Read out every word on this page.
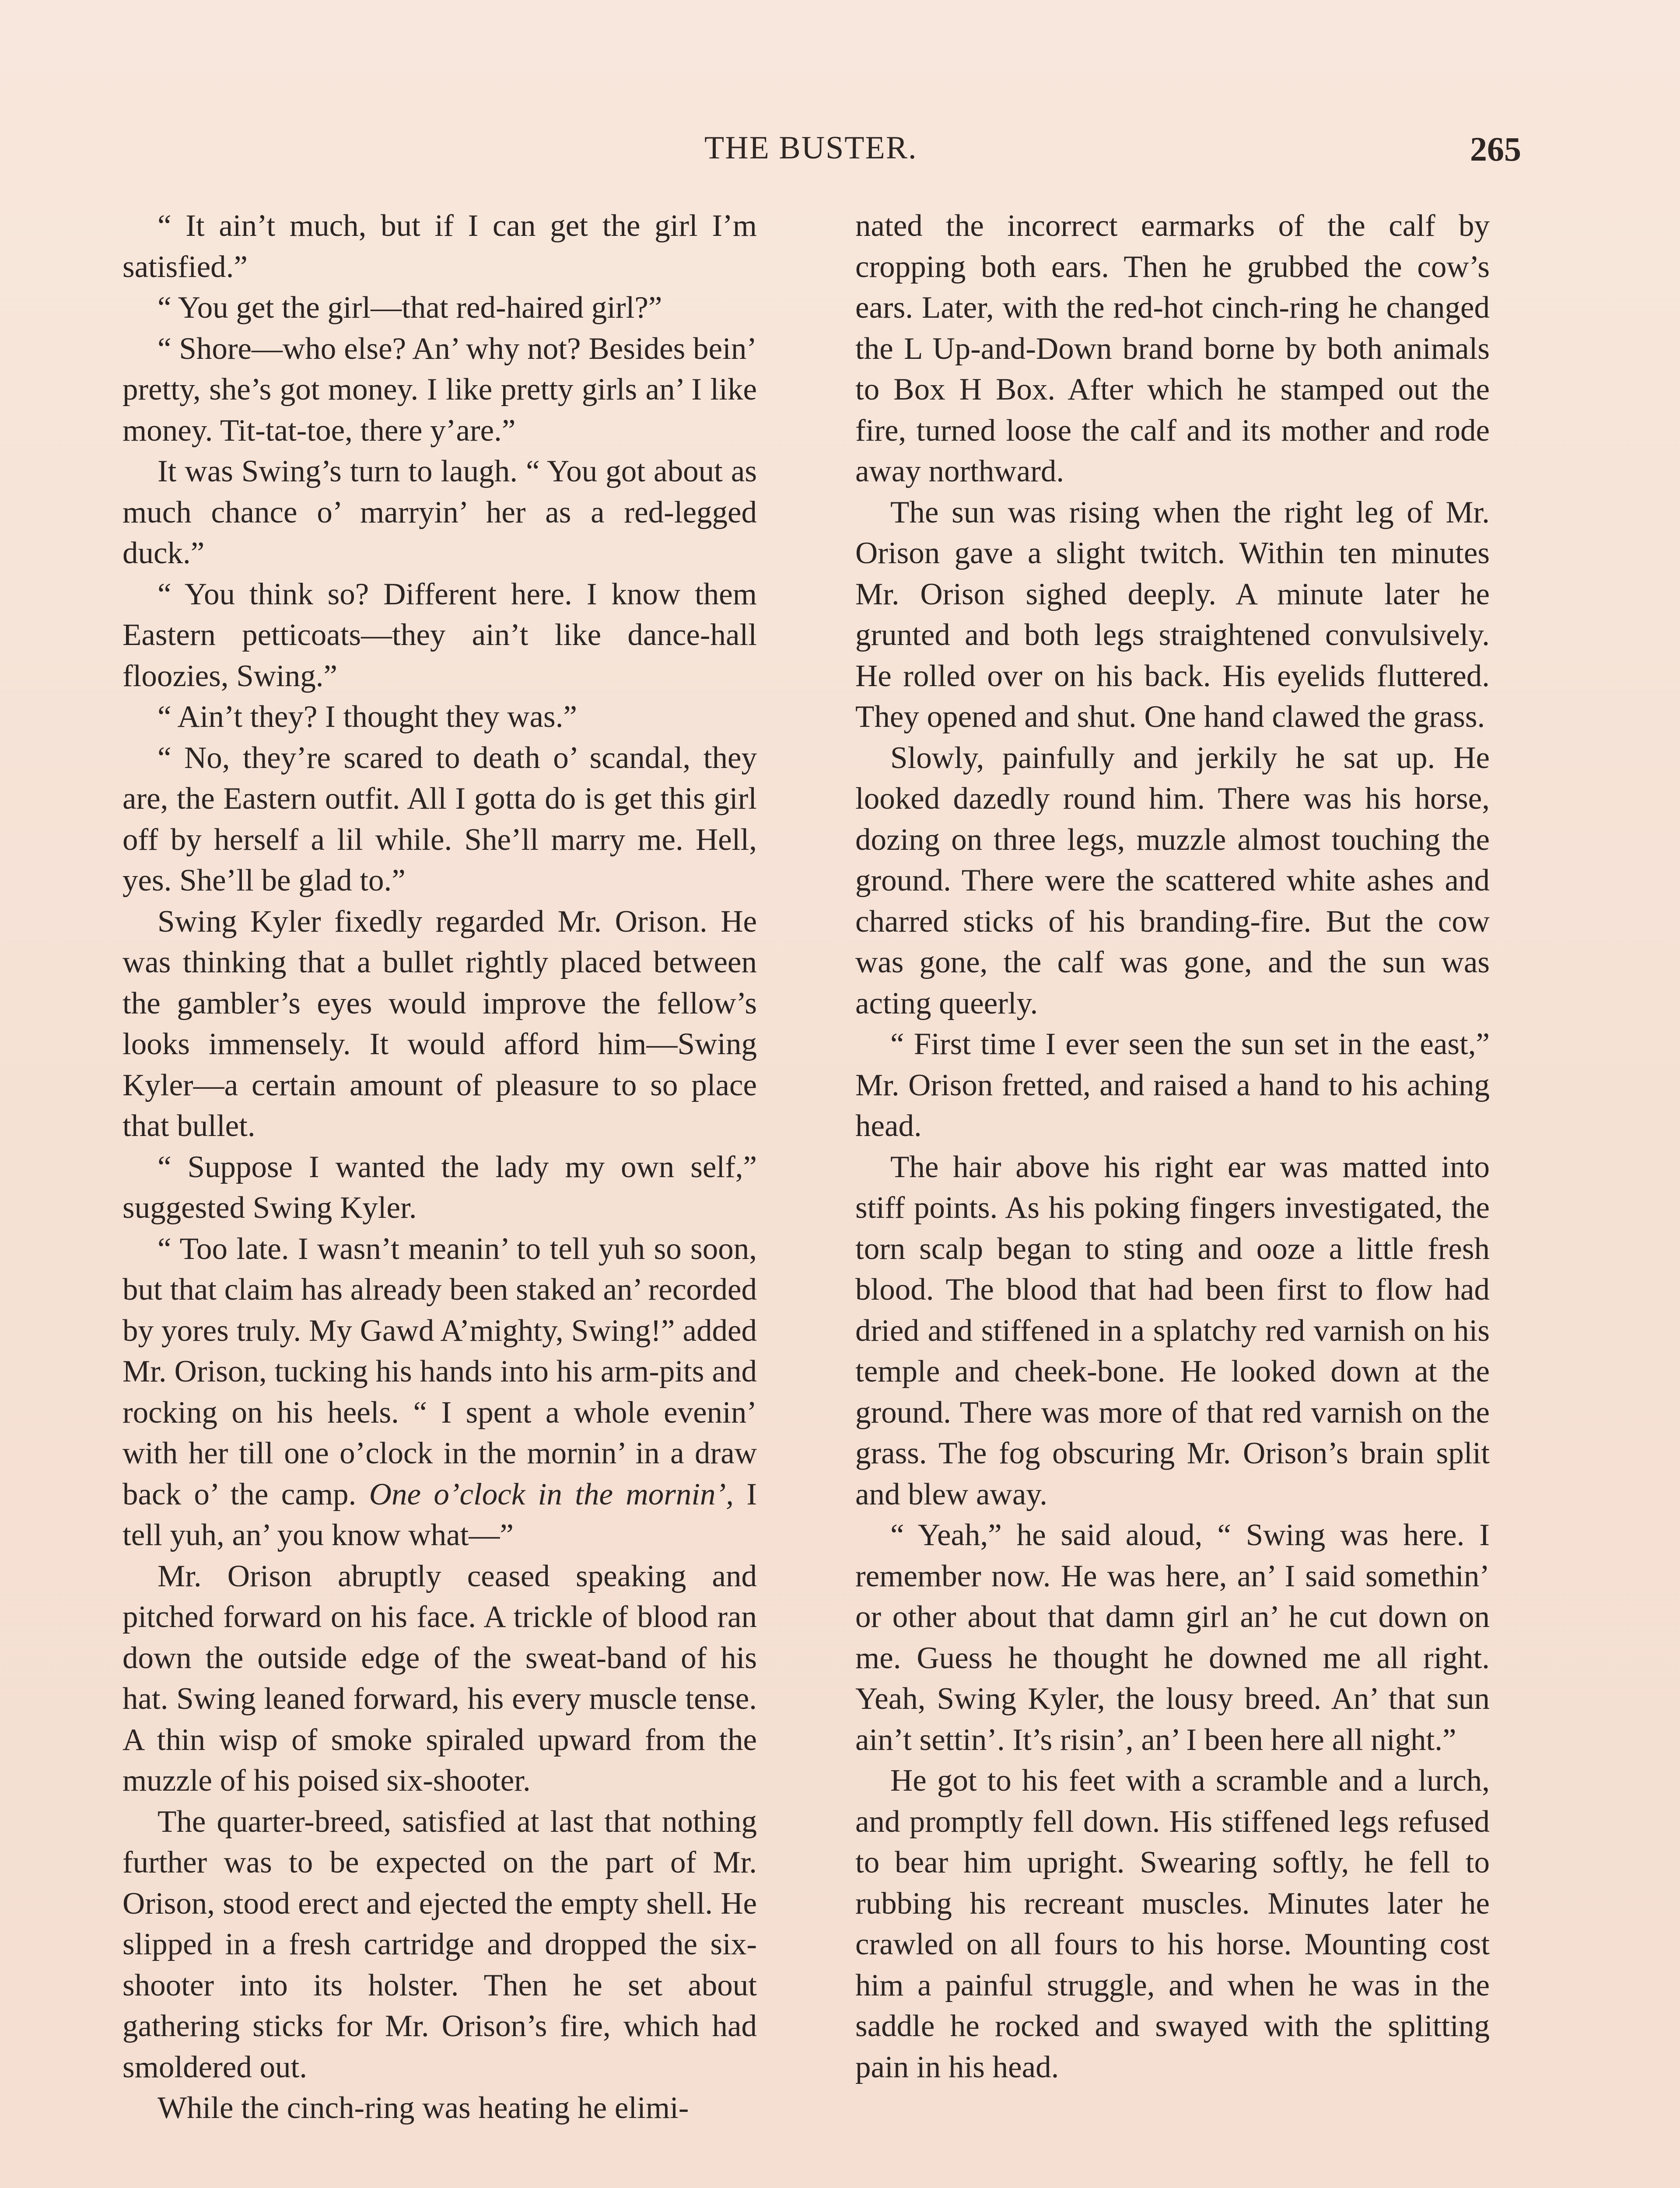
THE BUSTER.	265

“ It ain’t much, but if I can get the girl I’m satisfied.”

“ You get the girl—that red-haired girl?”

“ Shore—who else? An’ why not? Besides bein’ pretty, she’s got money. I like pretty girls an’ I like money. Tit-tat-toe, there y’are.”

It was Swing’s turn to laugh. “ You got about as much chance o’ marryin’ her as a red-legged duck.”

“ You think so? Different here. I know them Eastern petticoats—they ain’t like dance-hall floozies, Swing.”

“ Ain’t they? I thought they was.”

“ No, they’re scared to death o’ scandal, they are, the Eastern outfit. All I gotta do is get this girl off by herself a lil while. She’ll marry me. Hell, yes. She’ll be glad to.”

Swing Kyler fixedly regarded Mr. Orison. He was thinking that a bullet rightly placed between the gambler’s eyes would improve the fellow’s looks immensely. It would afford him—Swing Kyler—a certain amount of pleasure to so place that bullet.

“ Suppose I wanted the lady my own self,” suggested Swing Kyler.

“ Too late. I wasn’t meanin’ to tell yuh so soon, but that claim has already been staked an’ recorded by yores truly. My Gawd A’mighty, Swing!” added Mr. Orison, tucking his hands into his arm-pits and rocking on his heels. “ I spent a whole evenin’ with her till one o’clock in the mornin’ in a draw back o’ the camp. One o’clock in the mornin’, I tell yuh, an’ you know what—”

Mr. Orison abruptly ceased speaking and pitched forward on his face. A trickle of blood ran down the outside edge of the sweat-band of his hat. Swing leaned forward, his every muscle tense. A thin wisp of smoke spiraled upward from the muzzle of his poised six-shooter.

The quarter-breed, satisfied at last that nothing further was to be expected on the part of Mr. Orison, stood erect and ejected the empty shell. He slipped in a fresh cartridge and dropped the six-shooter into its holster. Then he set about gathering sticks for Mr. Orison’s fire, which had smoldered out.

While the cinch-ring was heating he elimi-

nated the incorrect earmarks of the calf by cropping both ears. Then he grubbed the cow’s ears. Later, with the red-hot cinch-ring he changed the L Up-and-Down brand borne by both animals to Box H Box. After which he stamped out the fire, turned loose the calf and its mother and rode away northward.

The sun was rising when the right leg of Mr. Orison gave a slight twitch. Within ten minutes Mr. Orison sighed deeply. A minute later he grunted and both legs straightened convulsively. He rolled over on his back. His eyelids fluttered. They opened and shut. One hand clawed the grass.

Slowly, painfully and jerkily he sat up. He looked dazedly round him. There was his horse, dozing on three legs, muzzle almost touching the ground. There were the scattered white ashes and charred sticks of his branding-fire. But the cow was gone, the calf was gone, and the sun was acting queerly.

“ First time I ever seen the sun set in the east,” Mr. Orison fretted, and raised a hand to his aching head.

The hair above his right ear was matted into stiff points. As his poking fingers investigated, the torn scalp began to sting and ooze a little fresh blood. The blood that had been first to flow had dried and stiffened in a splatchy red varnish on his temple and cheek-bone. He looked down at the ground. There was more of that red varnish on the grass. The fog obscuring Mr. Orison’s brain split and blew away.

“ Yeah,” he said aloud, “ Swing was here. I remember now. He was here, an’ I said somethin’ or other about that damn girl an’ he cut down on me. Guess he thought he downed me all right. Yeah, Swing Kyler, the lousy breed. An’ that sun ain’t settin’. It’s risin’, an’ I been here all night.”

He got to his feet with a scramble and a lurch, and promptly fell down. His stiffened legs refused to bear him upright. Swearing softly, he fell to rubbing his recreant muscles. Minutes later he crawled on all fours to his horse. Mounting cost him a painful struggle, and when he was in the saddle he rocked and swayed with the splitting pain in his head.
